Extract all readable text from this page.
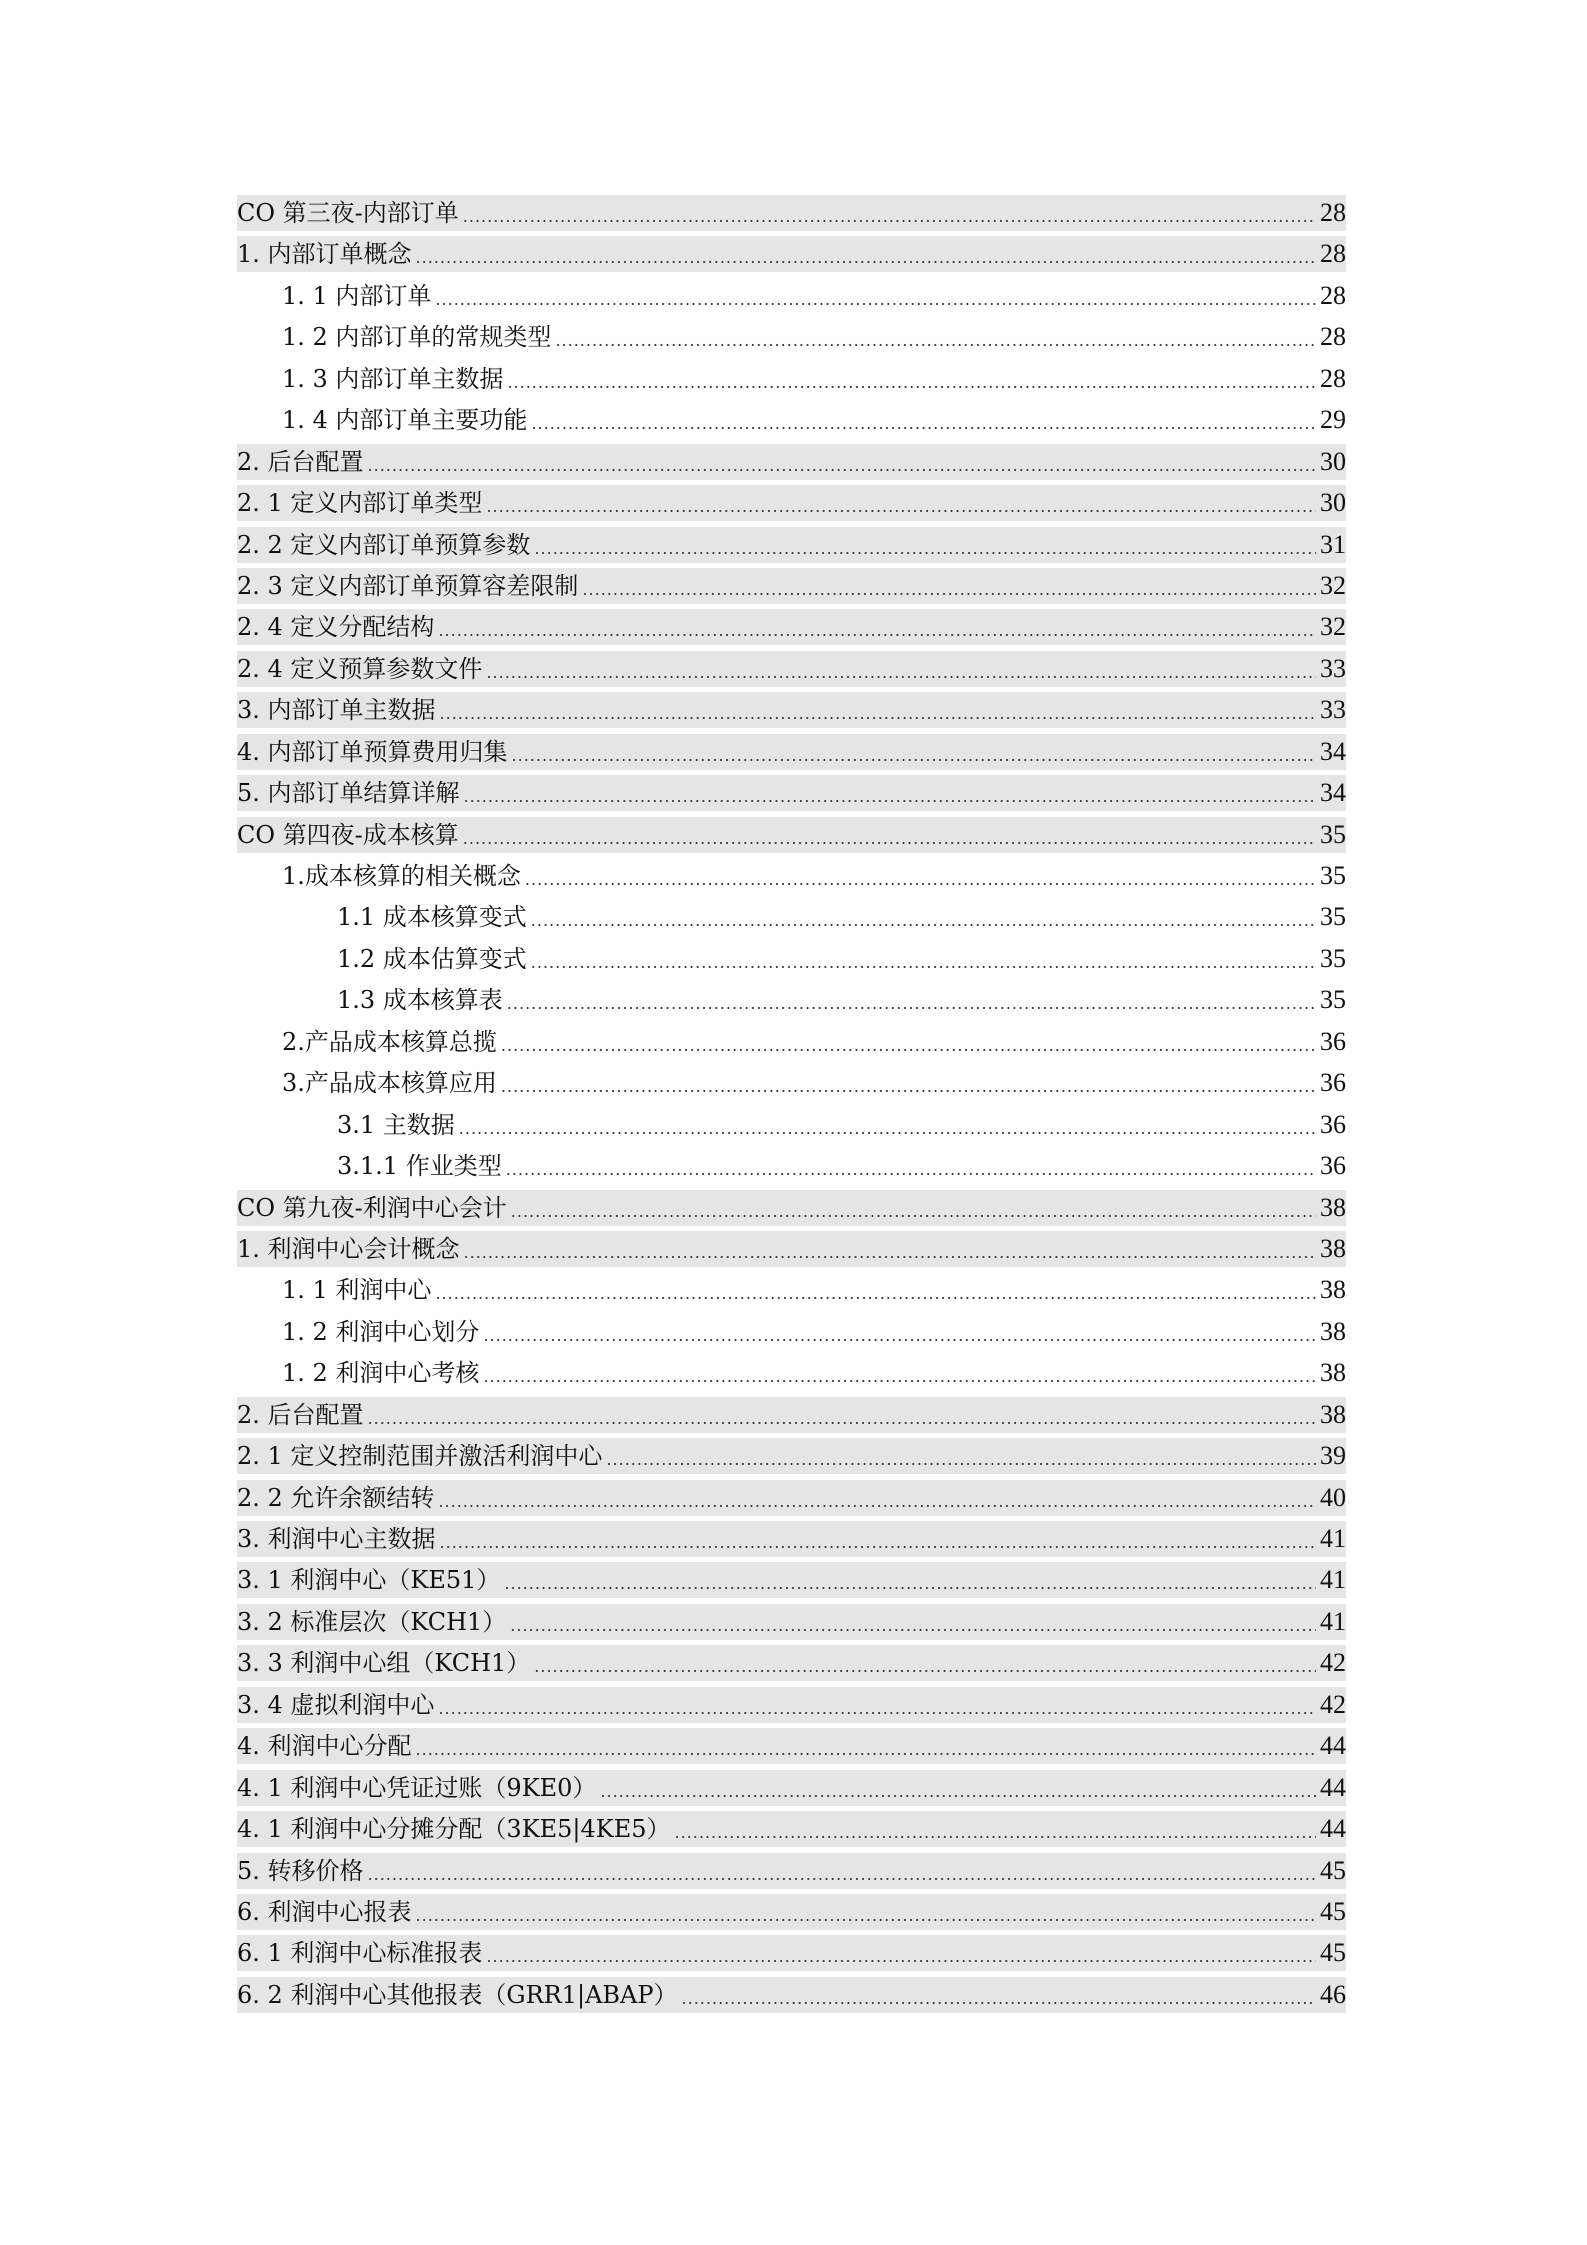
CO 第三夜-内部订单 .....	28
1. 内部订单概念 .....	28
1. 1 内部订单 .....	28
1. 2 内部订单的常规类型 .....	28
1. 3 内部订单主数据 .....	28
1. 4 内部订单主要功能 .....	29
2. 后台配置 .....	30
2. 1 定义内部订单类型 .....	30
2. 2 定义内部订单预算参数 .....	31
2. 3 定义内部订单预算容差限制 .....	32
2. 4 定义分配结构 .....	32
2. 4 定义预算参数文件 .....	33
3. 内部订单主数据 .....	33
4. 内部订单预算费用归集 .....	34
5. 内部订单结算详解 .....	34
CO 第四夜-成本核算 .....	35
1.成本核算的相关概念 .....	35
1.1 成本核算变式 .....	35
1.2 成本估算变式 .....	35
1.3 成本核算表 .....	35
2.产品成本核算总揽 .....	36
3.产品成本核算应用 .....	36
3.1 主数据 .....	36
3.1.1 作业类型 .....	36
CO 第九夜-利润中心会计 .....	38
1. 利润中心会计概念 .....	38
1. 1 利润中心 .....	38
1. 2 利润中心划分 .....	38
1. 2 利润中心考核 .....	38
2. 后台配置 .....	38
2. 1 定义控制范围并激活利润中心 .....	39
2. 2 允许余额结转 .....	40
3. 利润中心主数据 .....	41
3. 1 利润中心（KE51） .....	41
3. 2 标准层次（KCH1） .....	41
3. 3 利润中心组（KCH1） .....	42
3. 4 虚拟利润中心 .....	42
4. 利润中心分配 .....	44
4. 1 利润中心凭证过账（9KE0） .....	44
4. 1 利润中心分摊分配（3KE5|4KE5） .....	44
5. 转移价格 .....	45
6. 利润中心报表 .....	45
6. 1 利润中心标准报表 .....	45
6. 2 利润中心其他报表（GRR1|ABAP） .....	46
